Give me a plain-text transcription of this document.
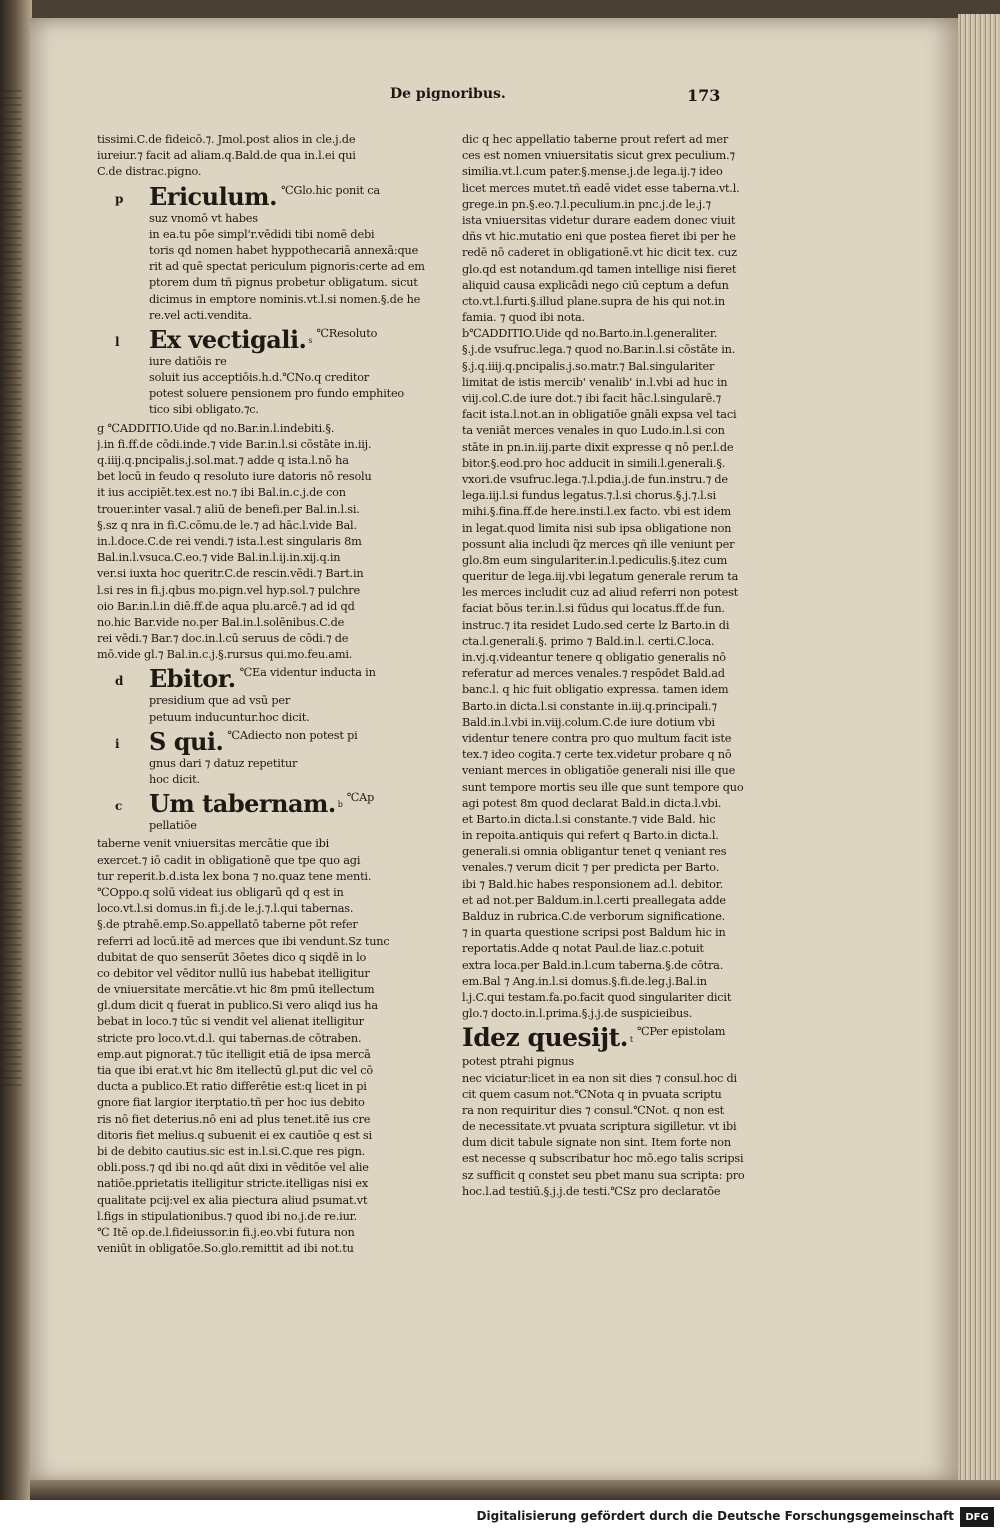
De pignoribus.	173
tissimi.C.de fideicō.⁊. Jmol.post alios in cle.j.de
iureiur.⁊ facit ad aliam.q.Bald.de qua in.l.ei qui
C.de distrac.pigno.
p	Ericulum. ℃Glo.hic ponit ca
suz vnomō vt habes
in ea.tu pōe simpl'r.vēdidi tibi nomē debi
toris qd nomen habet hyppothecariā annexā:que
rit ad quē spectat periculum pignoris:certe ad em
ptorem dum tñ pignus probetur obligatum. sicut
dicimus in emptore nominis.vt.l.si nomen.§.de he
re.vel acti.vendita.
l	Ex vectigali. $^s$℃Resoluto
iure datiōis re
soluit ius acceptiōis.h.d.℃No.q creditor
potest soluere pensionem pro fundo emphiteo
tico sibi obligato.⁊c.
g ℃ADDITIO.Uide qd no.Bar.in.l.indebiti.§.
j.in fi.ff.de cōdi.inde.⁊ vide Bar.in.l.si cōstāte in.iij.
q.iiij.q.pncipalis.j.sol.mat.⁊ adde q ista.l.nō ha
bet locū in feudo q resoluto iure datoris nō resolu
it ius accipiēt.tex.est no.⁊ ibi Bal.in.c.j.de con
trouer.inter vasal.⁊ aliū de benefi.per Bal.in.l.si.
§.sz q nra in fi.C.cōmu.de le.⁊ ad hāc.l.vide Bal.
in.l.doce.C.de rei vendi.⁊ ista.l.est singularis 8m
Bal.in.l.vsuca.C.eo.⁊ vide Bal.in.l.ij.in.xij.q.in
ver.si iuxta hoc queritr.C.de rescin.vēdi.⁊ Bart.in
l.si res in fi.j.qbus mo.pign.vel hyp.sol.⁊ pulchre
oio Bar.in.l.in diē.ff.de aqua plu.arcē.⁊ ad id qd
no.hic Bar.vide no.per Bal.in.l.solēnibus.C.de
rei vēdi.⁊ Bar.⁊ doc.in.l.cū seruus de cōdi.⁊ de
mō.vide gl.⁊ Bal.in.c.j.§.rursus qui.mo.feu.ami.
d	Ebitor. ℃Ea videntur inducta in
presidium que ad vsū per
petuum inducuntur.hoc dicit.
i	S qui. ℃Adiecto non potest pi
gnus dari ⁊ datuz repetitur
hoc dicit.
c	Um tabernam. $^b$℃Ap
pellatiōe
taberne venit vniuersitas mercātie que ibi
exercet.⁊ iō cadit in obligationē que tpe quo agi
tur reperit.b.d.ista lex bona ⁊ no.quaz tene menti.
℃Oppo.q solū videat ius obligarū qd q est in
loco.vt.l.si domus.in fi.j.de le.j.⁊.l.qui tabernas.
§.de ptrahē.emp.So.appellatō taberne pōt refer
referri ad locū.itē ad merces que ibi vendunt.Sz tunc
dubitat de quo senserūt 3ōetes dico q siqdē in lo
co debitor vel vēditor nullū ius habebat itelligitur
de vniuersitate mercātie.vt hic 8m pmū itellectum
gl.dum dicit q fuerat in publico.Si vero aliqd ius ha
bebat in loco.⁊ tūc si vendit vel alienat itelligitur
stricte pro loco.vt.d.l. qui tabernas.de cōtraben.
emp.aut pignorat.⁊ tūc itelligit etiā de ipsa mercā
tia que ibi erat.vt hic 8m itellectū gl.put dic vel cō
ducta a publico.Et ratio differētie est:q licet in pi
gnore fiat largior iterptatio.tñ per hoc ius debito
ris nō fiet deterius.nō eni ad plus tenet.itē ius cre
ditoris fiet melius.q subuenit ei ex cautiōe q est si
bi de debito cautius.sic est in.l.si.C.que res pign.
obli.poss.⁊ qd ibi no.qd aūt dixi in vēditōe vel alie
natiōe.pprietatis itelligitur stricte.itelligas nisi ex
qualitate pcij:vel ex alia piectura aliud psumat.vt
l.figs in stipulationibus.⁊ quod ibi no.j.de re.iur.
℃ Itē op.de.l.fideiussor.in fi.j.eo.vbi futura non
veniūt in obligatōe.So.glo.remittit ad ibi not.tu
dic q hec appellatio taberne prout refert ad mer
ces est nomen vniuersitatis sicut grex peculium.⁊
similia.vt.l.cum pater.§.mense.j.de lega.ij.⁊ ideo
licet merces mutet.tñ eadē videt esse taberna.vt.l.
grege.in pn.§.eo.⁊.l.peculium.in pnc.j.de le.j.⁊
ista vniuersitas videtur durare eadem donec viuit
dñs vt hic.mutatio eni que postea fieret ibi per he
redē nō caderet in obligationē.vt hic dicit tex. cuz
glo.qd est notandum.qd tamen intellige nisi fieret
aliquid causa explicādi nego ciū ceptum a defun
cto.vt.l.furti.§.illud plane.supra de his qui not.in
famia. ⁊ quod ibi nota.
b℃ADDITIO.Uide qd no.Barto.in.l.generaliter.
§.j.de vsufruc.lega.⁊ quod no.Bar.in.l.si cōstāte in.
§.j.q.iiij.q.pncipalis.j.so.matr.⁊ Bal.singulariter
limitat de istis mercib' venalib' in.l.vbi ad huc in
viij.col.C.de iure dot.⁊ ibi facit hāc.l.singularē.⁊
facit ista.l.not.an in obligatiōe gnāli expsa vel taci
ta veniāt merces venales in quo Ludo.in.l.si con
stāte in pn.in.iij.parte dixit expresse q nō per.l.de
bitor.§.eod.pro hoc adducit in simili.l.generali.§.
vxori.de vsufruc.lega.⁊.l.pdia.j.de fun.instru.⁊ de
lega.iij.l.si fundus legatus.⁊.l.si chorus.§.j.⁊.l.si
mihi.§.fina.ff.de here.insti.l.ex facto. vbi est idem
in legat.quod limita nisi sub ipsa obligatione non
possunt alia includi q̃z merces qñ ille veniunt per
glo.8m eum singulariter.in.l.pediculis.§.itez cum
queritur de lega.iij.vbi legatum generale rerum ta
les merces includit cuz ad aliud referri non potest
faciat bōus ter.in.l.si fūdus qui locatus.ff.de fun.
instruc.⁊ ita residet Ludo.sed certe lz Barto.in di
cta.l.generali.§. primo ⁊ Bald.in.l. certi.C.loca.
in.vj.q.videantur tenere q obligatio generalis nō
referatur ad merces venales.⁊ respōdet Bald.ad
banc.l. q hic fuit obligatio expressa. tamen idem
Barto.in dicta.l.si constante in.iij.q.principali.⁊
Bald.in.l.vbi in.viij.colum.C.de iure dotium vbi
videntur tenere contra pro quo multum facit iste
tex.⁊ ideo cogita.⁊ certe tex.videtur probare q nō
veniant merces in obligatiōe generali nisi ille que
sunt tempore mortis seu ille que sunt tempore quo
agi potest 8m quod declarat Bald.in dicta.l.vbi.
et Barto.in dicta.l.si constante.⁊ vide Bald. hic
in repoita.antiquis qui refert q Barto.in dicta.l.
generali.si omnia obligantur tenet q veniant res
venales.⁊ verum dicit ⁊ per predicta per Barto.
ibi ⁊ Bald.hic habes responsionem ad.l. debitor.
et ad not.per Baldum.in.l.certi preallegata adde
Balduz in rubrica.C.de verborum significatione.
⁊ in quarta questione scripsi post Baldum hic in
reportatis.Adde q notat Paul.de liaz.c.potuit
extra loca.per Bald.in.l.cum taberna.§.de cōtra.
em.Bal ⁊ Ang.in.l.si domus.§.fi.de.leg.j.Bal.in
l.j.C.qui testam.fa.po.facit quod singulariter dicit
glo.⁊ docto.in.l.prima.§.j.j.de suspicieibus.
Idez quesijt. $^t$℃Per epistolam
potest ptrahi pignus
nec viciatur:licet in ea non sit dies ⁊ consul.hoc di
cit quem casum not.℃Nota q in pvuata scriptu
ra non requiritur dies ⁊ consul.℃Not. q non est
de necessitate.vt pvuata scriptura sigilletur. vt ibi
dum dicit tabule signate non sint. Item forte non
est necesse q subscribatur hoc mō.ego talis scripsi
sz sufficit q constet seu pbet manu sua scripta: pro
hoc.l.ad testiū.§.j.j.de testi.℃Sz pro declaratōe
Digitalisierung gefördert durch die Deutsche Forschungsgemeinschaft	DFG
